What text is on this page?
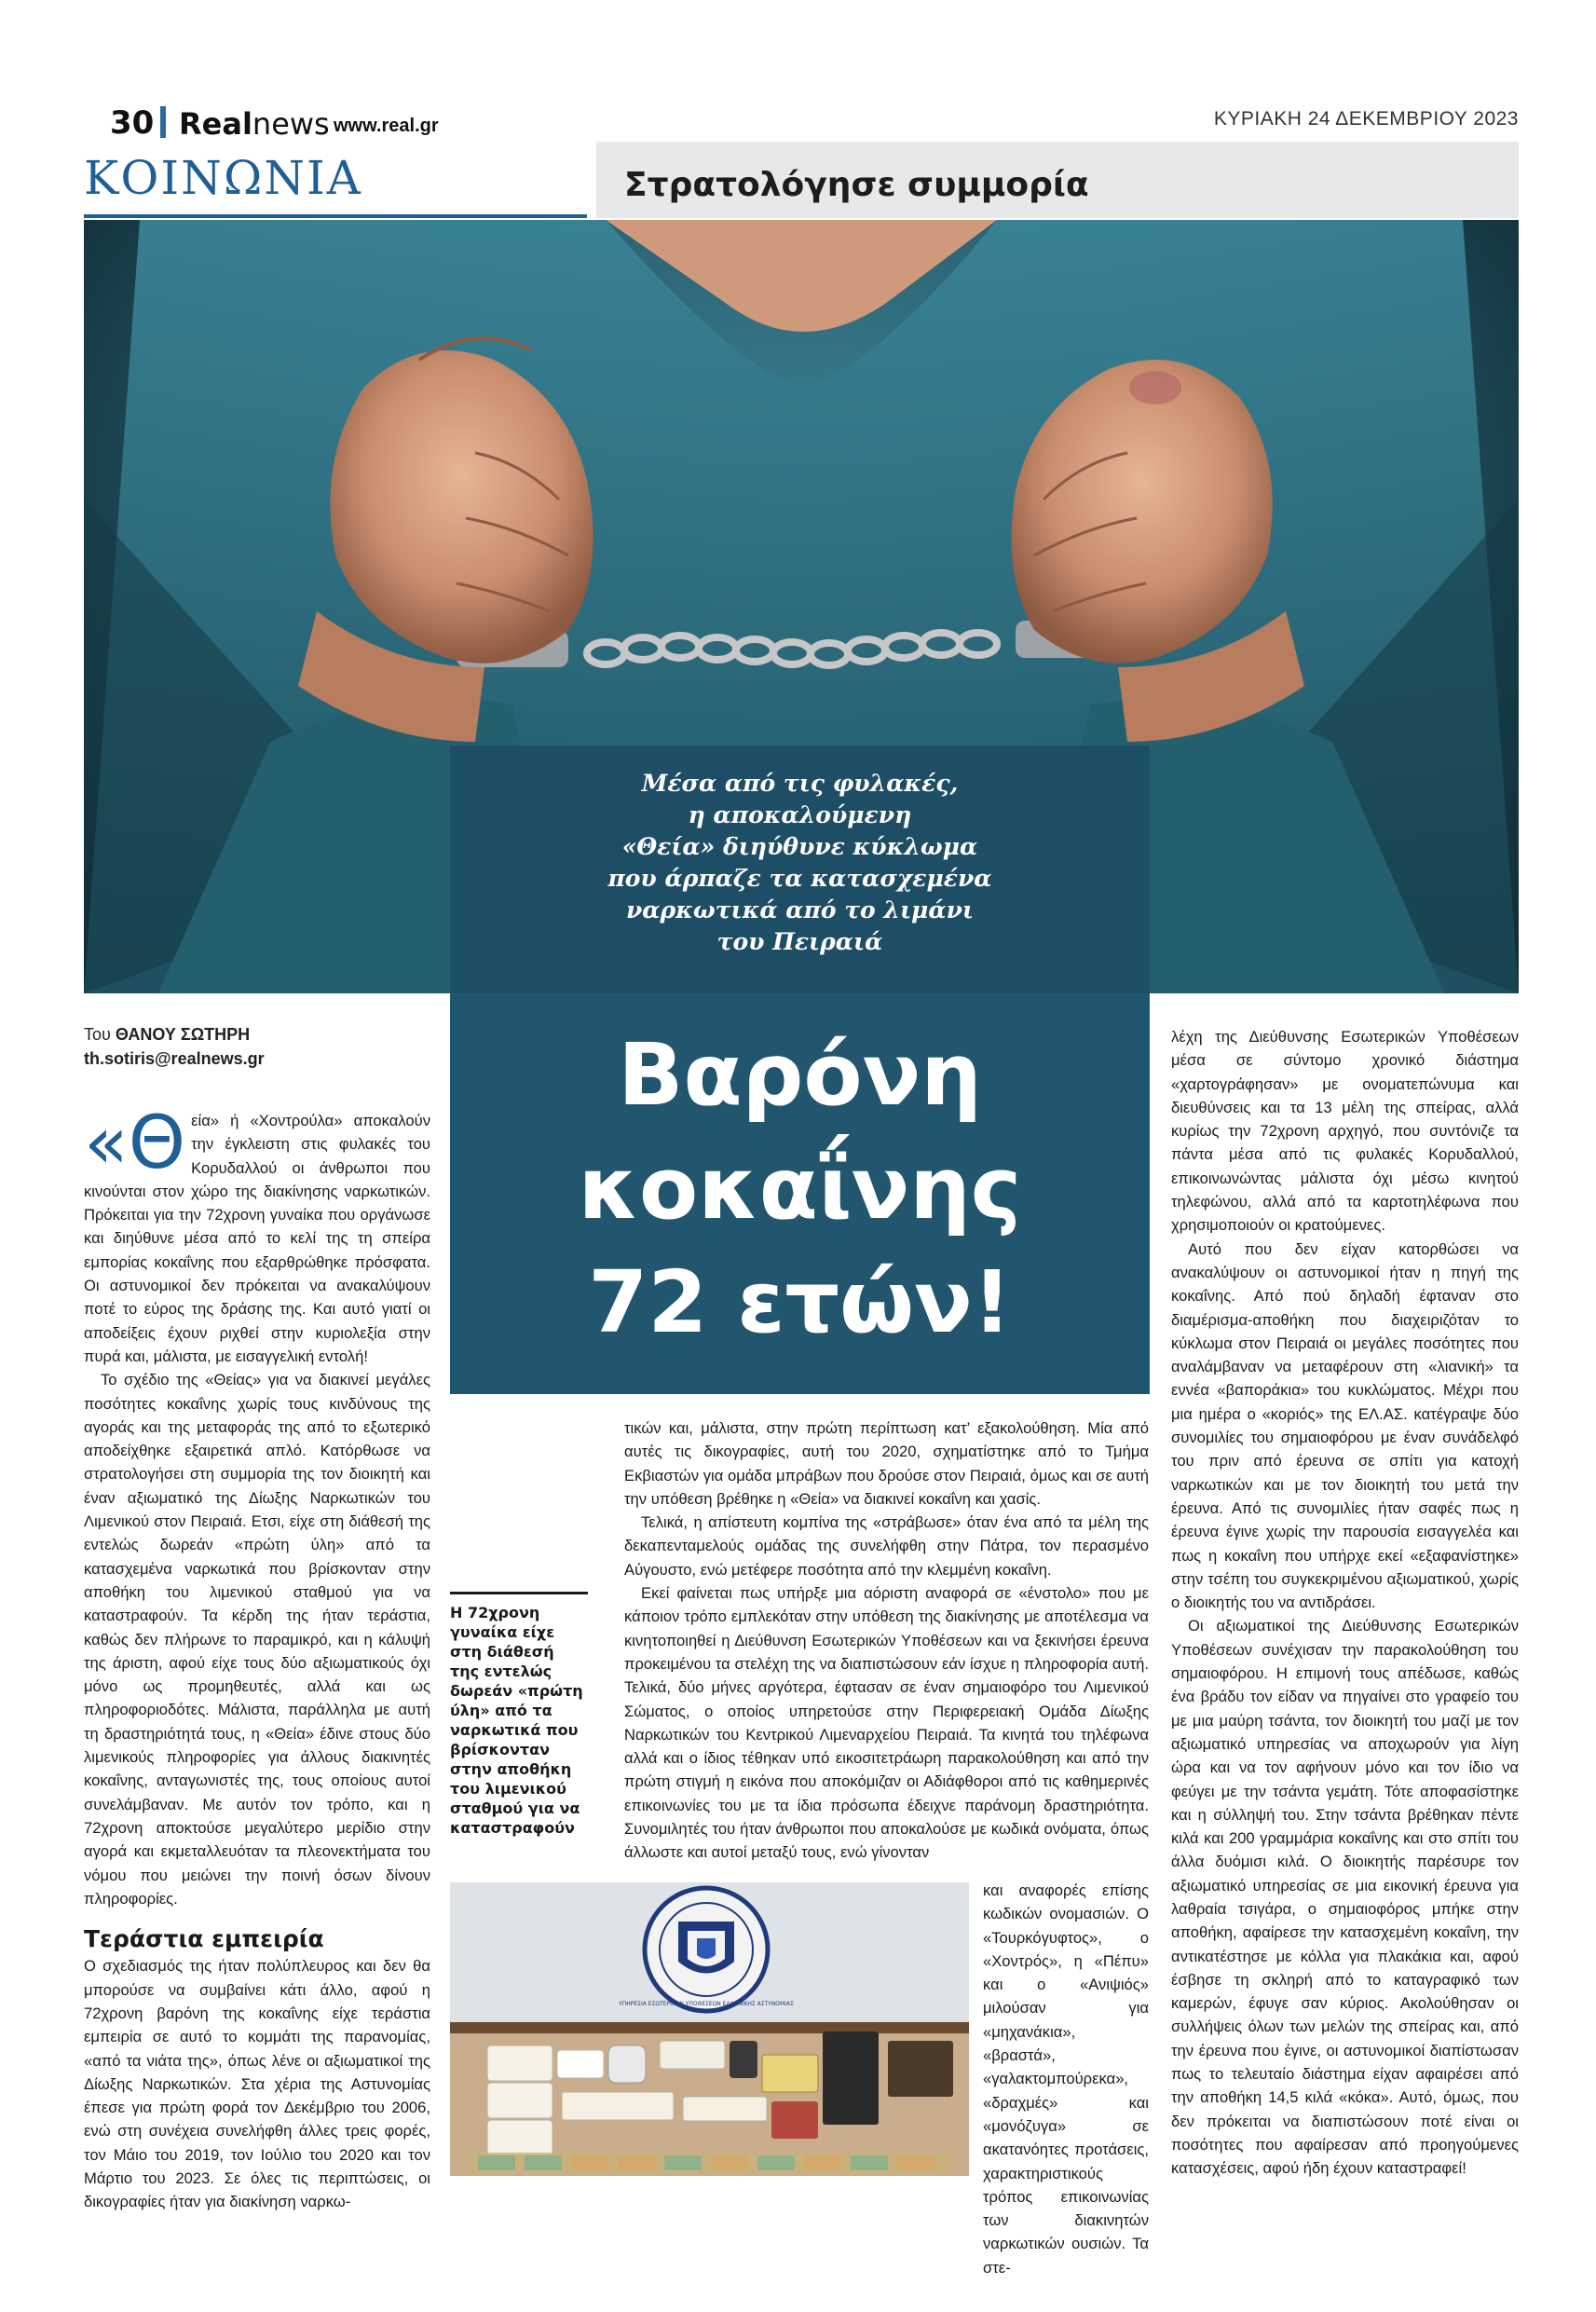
30 Realnews www.real.gr	ΚΥΡΙΑΚΗ 24 ΔΕΚΕΜΒΡΙΟΥ 2023
ΚΟΙΝΩΝΙΑ	Στρατολόγησε συμμορία
Μέσα από τις φυλακές,
η αποκαλούμενη
«Θεία» διηύθυνε κύκλωμα
που άρπαζε τα κατασχεμένα
ναρκωτικά από το λιμάνι
του Πειραιά
Βαρόνη
κοκαΐνης
72 ετών!
Του ΘΑΝΟΥ ΣΩΤΗΡΗ
th.sotiris@realnews.gr

«Θεία» ή «Χοντρούλα» αποκαλούν την έγκλειστη στις φυλακές του Κορυδαλλού οι άνθρωποι που κινούνται στον χώρο της διακίνησης ναρκωτικών. Πρόκειται για την 72χρονη γυναίκα που οργάνωσε και διηύθυνε μέσα από το κελί της τη σπείρα εμπορίας κοκαΐνης που εξαρθρώθηκε πρόσφατα. Οι αστυνομικοί δεν πρόκειται να ανακαλύψουν ποτέ το εύρος της δράσης της. Και αυτό γιατί οι αποδείξεις έχουν ριχθεί στην κυριολεξία στην πυρά και, μάλιστα, με εισαγγελική εντολή!

Το σχέδιο της «Θείας» για να διακινεί μεγάλες ποσότητες κοκαΐνης χωρίς τους κινδύνους της αγοράς και της μεταφοράς της από το εξωτερικό αποδείχθηκε εξαιρετικά απλό. Κατόρθωσε να στρατολογήσει στη συμμορία της τον διοικητή και έναν αξιωματικό της Δίωξης Ναρκωτικών του Λιμενικού στον Πειραιά. Ετσι, είχε στη διάθεσή της εντελώς δωρεάν «πρώτη ύλη» από τα κατασχεμένα ναρκωτικά που βρίσκονταν στην αποθήκη του λιμενικού σταθμού για να καταστραφούν. Τα κέρδη της ήταν τεράστια, καθώς δεν πλήρωνε το παραμικρό, και η κάλυψή της άριστη, αφού είχε τους δύο αξιωματικούς όχι μόνο ως προμηθευτές, αλλά και ως πληροφοριοδότες. Μάλιστα, παράλληλα με αυτή τη δραστηριότητά τους, η «Θεία» έδινε στους δύο λιμενικούς πληροφορίες για άλλους διακινητές κοκαΐνης, ανταγωνιστές της, τους οποίους αυτοί συνελάμβαναν. Με αυτόν τον τρόπο, και η 72χρονη αποκτούσε μεγαλύτερο μερίδιο στην αγορά και εκμεταλλευόταν τα πλεονεκτήματα του νόμου που μειώνει την ποινή όσων δίνουν πληροφορίες.

Τεράστια εμπειρία

Ο σχεδιασμός της ήταν πολύπλευρος και δεν θα μπορούσε να συμβαίνει κάτι άλλο, αφού η 72χρονη βαρόνη της κοκαΐνης είχε τεράστια εμπειρία σε αυτό το κομμάτι της παρανομίας, «από τα νιάτα της», όπως λένε οι αξιωματικοί της Δίωξης Ναρκωτικών. Στα χέρια της Αστυνομίας έπεσε για πρώτη φορά τον Δεκέμβριο του 2006, ενώ στη συνέχεια συνελήφθη άλλες τρεις φορές, τον Μάιο του 2019, τον Ιούλιο του 2020 και τον Μάρτιο του 2023. Σε όλες τις περιπτώσεις, οι δικογραφίες ήταν για διακίνηση ναρκω-

τικών και, μάλιστα, στην πρώτη περίπτωση κατ’ εξακολούθηση. Μία από αυτές τις δικογραφίες, αυτή του 2020, σχηματίστηκε από το Τμήμα Εκβιαστών για ομάδα μπράβων που δρούσε στον Πειραιά, όμως και σε αυτή την υπόθεση βρέθηκε η «Θεία» να διακινεί κοκαΐνη και χασίς.

Τελικά, η απίστευτη κομπίνα της «στράβωσε» όταν ένα από τα μέλη της δεκαπενταμελούς ομάδας της συνελήφθη στην Πάτρα, τον περασμένο Αύγουστο, ενώ μετέφερε ποσότητα από την κλεμμένη κοκαΐνη.

Εκεί φαίνεται πως υπήρξε μια αόριστη αναφορά σε «ένστολο» που με κάποιον τρόπο εμπλεκόταν στην υπόθεση της διακίνησης με αποτέλεσμα να κινητοποιηθεί η Διεύθυνση Εσωτερικών Υποθέσεων και να ξεκινήσει έρευνα προκειμένου τα στελέχη της να διαπιστώσουν εάν ίσχυε η πληροφορία αυτή. Τελικά, δύο μήνες αργότερα, έφτασαν σε έναν σημαιοφόρο του Λιμενικού Σώματος, ο οποίος υπηρετούσε στην Περιφερειακή Ομάδα Δίωξης Ναρκωτικών του Κεντρικού Λιμεναρχείου Πειραιά. Τα κινητά του τηλέφωνα αλλά και ο ίδιος τέθηκαν υπό εικοσιτετράωρη παρακολούθηση και από την πρώτη στιγμή η εικόνα που αποκόμιζαν οι Αδιάφθοροι από τις καθημερινές επικοινωνίες του με τα ίδια πρόσωπα έδειχνε παράνομη δραστηριότητα. Συνομιλητές του ήταν άνθρωποι που αποκαλούσε με κωδικά ονόματα, όπως άλλωστε και αυτοί μεταξύ τους, ενώ γίνονταν

και αναφορές επίσης κωδικών ονομασιών. Ο «Τουρκόγυφτος», ο «Χοντρός», η «Πέπυ» και ο «Ανιψιός» μιλούσαν για «μηχανάκια», «βραστά», «γαλακτομπούρεκα», «δραχμές» και «μονόζυγα» σε ακατανόητες προτάσεις, χαρακτηριστικούς τρόπος επικοινωνίας των διακινητών ναρκωτικών ουσιών. Τα στε-

Η 72χρονη γυναίκα είχε στη διάθεσή της εντελώς δωρεάν «πρώτη ύλη» από τα ναρκωτικά που βρίσκονταν στην αποθήκη του λιμενικού σταθμού για να καταστραφούν
ΥΠΗΡΕΣΙΑ ΕΣΩΤΕΡΙΚΩΝ ΥΠΟΘΕΣΕΩΝ ΕΛΛΗΝΙΚΗΣ ΑΣΤΥΝΟΜΙΑΣ

λέχη της Διεύθυνσης Εσωτερικών Υποθέσεων μέσα σε σύντομο χρονικό διάστημα «χαρτογράφησαν» με ονοματεπώνυμα και διευθύνσεις και τα 13 μέλη της σπείρας, αλλά κυρίως την 72χρονη αρχηγό, που συντόνιζε τα πάντα μέσα από τις φυλακές Κορυδαλλού, επικοινωνώντας μάλιστα όχι μέσω κινητού τηλεφώνου, αλλά από τα καρτοτηλέφωνα που χρησιμοποιούν οι κρατούμενες.

Αυτό που δεν είχαν κατορθώσει να ανακαλύψουν οι αστυνομικοί ήταν η πηγή της κοκαΐνης. Από πού δηλαδή έφταναν στο διαμέρισμα-αποθήκη που διαχειριζόταν το κύκλωμα στον Πειραιά οι μεγάλες ποσότητες που αναλάμβαναν να μεταφέρουν στη «λιανική» τα εννέα «βαποράκια» του κυκλώματος. Μέχρι που μια ημέρα ο «κοριός» της ΕΛ.ΑΣ. κατέγραψε δύο συνομιλίες του σημαιοφόρου με έναν συνάδελφό του πριν από έρευνα σε σπίτι για κατοχή ναρκωτικών και με τον διοικητή του μετά την έρευνα. Από τις συνομιλίες ήταν σαφές πως η έρευνα έγινε χωρίς την παρουσία εισαγγελέα και πως η κοκαΐνη που υπήρχε εκεί «εξαφανίστηκε» στην τσέπη του συγκεκριμένου αξιωματικού, χωρίς ο διοικητής του να αντιδράσει.

Οι αξιωματικοί της Διεύθυνσης Εσωτερικών Υποθέσεων συνέχισαν την παρακολούθηση του σημαιοφόρου. Η επιμονή τους απέδωσε, καθώς ένα βράδυ τον είδαν να πηγαίνει στο γραφείο του με μια μαύρη τσάντα, τον διοικητή του μαζί με τον αξιωματικό υπηρεσίας να αποχωρούν για λίγη ώρα και να τον αφήνουν μόνο και τον ίδιο να φεύγει με την τσάντα γεμάτη. Τότε αποφασίστηκε και η σύλληψή του. Στην τσάντα βρέθηκαν πέντε κιλά και 200 γραμμάρια κοκαΐνης και στο σπίτι του άλλα δυόμισι κιλά. Ο διοικητής παρέσυρε τον αξιωματικό υπηρεσίας σε μια εικονική έρευνα για λαθραία τσιγάρα, ο σημαιοφόρος μπήκε στην αποθήκη, αφαίρεσε την κατασχεμένη κοκαΐνη, την αντικατέστησε με κόλλα για πλακάκια και, αφού έσβησε τη σκληρή από το καταγραφικό των καμερών, έφυγε σαν κύριος. Ακολούθησαν οι συλλήψεις όλων των μελών της σπείρας και, από την έρευνα που έγινε, οι αστυνομικοί διαπίστωσαν πως το τελευταίο διάστημα είχαν αφαιρέσει από την αποθήκη 14,5 κιλά «κόκα». Αυτό, όμως, που δεν πρόκειται να διαπιστώσουν ποτέ είναι οι ποσότητες που αφαίρεσαν από προηγούμενες κατασχέσεις, αφού ήδη έχουν καταστραφεί!
